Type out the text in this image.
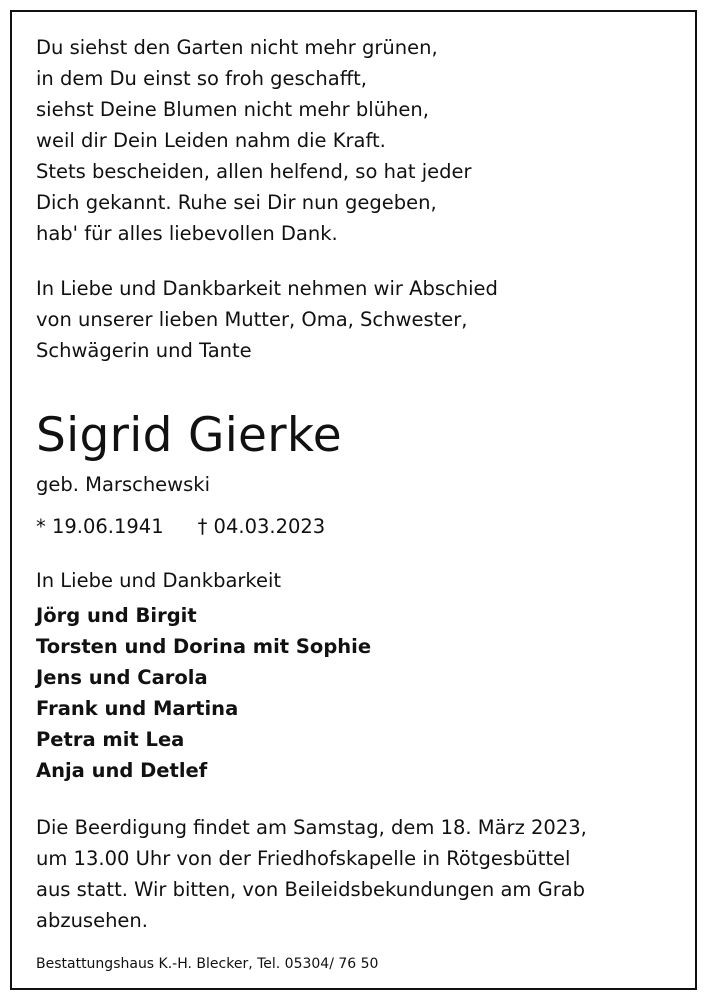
Du siehst den Garten nicht mehr grünen,
in dem Du einst so froh geschafft,
siehst Deine Blumen nicht mehr blühen,
weil dir Dein Leiden nahm die Kraft.
Stets bescheiden, allen helfend, so hat jeder
Dich gekannt. Ruhe sei Dir nun gegeben,
hab' für alles liebevollen Dank.
In Liebe und Dankbarkeit nehmen wir Abschied
von unserer lieben Mutter, Oma, Schwester,
Schwägerin und Tante
Sigrid Gierke
geb. Marschewski
* 19.06.1941 † 04.03.2023
In Liebe und Dankbarkeit
Jörg und Birgit
Torsten und Dorina mit Sophie
Jens und Carola
Frank und Martina
Petra mit Lea
Anja und Detlef
Die Beerdigung findet am Samstag, dem 18. März 2023,
um 13.00 Uhr von der Friedhofskapelle in Rötgesbüttel
aus statt. Wir bitten, von Beileidsbekundungen am Grab
abzusehen.
Bestattungshaus K.-H. Blecker, Tel. 05304/ 76 50
